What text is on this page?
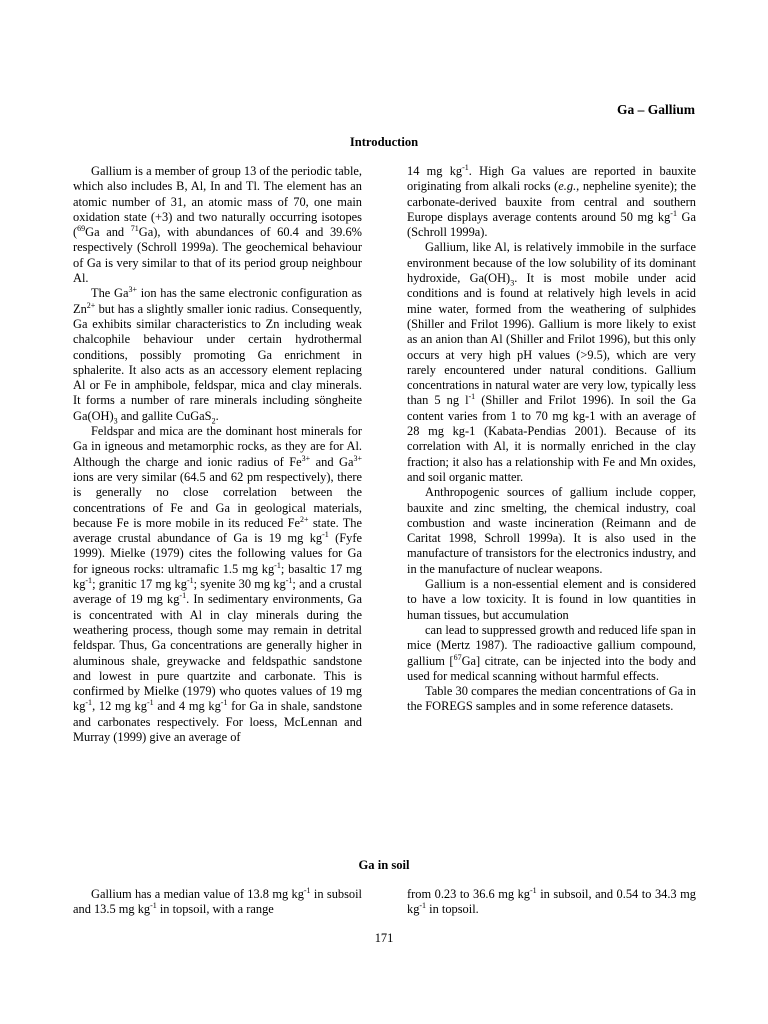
Ga – Gallium
Introduction

Gallium is a member of group 13 of the periodic table, which also includes B, Al, In and Tl. The element has an atomic number of 31, an atomic mass of 70, one main oxidation state (+3) and two naturally occurring isotopes ($^{69}$Ga and $^{71}$Ga), with abundances of 60.4 and 39.6% respectively (Schroll 1999a). The geochemical behaviour of Ga is very similar to that of its period group neighbour Al.

The $Ga^{3+}$ ion has the same electronic configuration as $Zn^{2+}$ but has a slightly smaller ionic radius. Consequently, Ga exhibits similar characteristics to Zn including weak chalcophile behaviour under certain hydrothermal conditions, possibly promoting Ga enrichment in sphalerite. It also acts as an accessory element replacing Al or Fe in amphibole, feldspar, mica and clay minerals. It forms a number of rare minerals including söngheite $Ga(OH)_3$ and gallite CuGaS$_2$.

Feldspar and mica are the dominant host minerals for Ga in igneous and metamorphic rocks, as they are for Al. Although the charge and ionic radius of $Fe^{3+}$ and $Ga^{3+}$ ions are very similar (64.5 and 62 pm respectively), there is generally no close correlation between the concentrations of Fe and Ga in geological materials, because Fe is more mobile in its reduced $Fe^{2+}$ state. The average crustal abundance of Ga is 19 mg $kg^{-1}$ (Fyfe 1999). Mielke (1979) cites the following values for Ga for igneous rocks: ultramafic 1.5 mg $kg^{-1}$; basaltic 17 mg $kg^{-1}$; granitic 17 mg $kg^{-1}$; syenite 30 mg $kg^{-1}$; and a crustal average of 19 mg $kg^{-1}$. In sedimentary environments, Ga is concentrated with Al in clay minerals during the weathering process, though some may remain in detrital feldspar. Thus, Ga concentrations are generally higher in aluminous shale, greywacke and feldspathic sandstone and lowest in pure quartzite and carbonate. This is confirmed by Mielke (1979) who quotes values of 19 mg $kg^{-1}$, 12 mg $kg^{-1}$ and 4 mg $kg^{-1}$ for Ga in shale, sandstone and carbonates respectively. For loess, McLennan and Murray (1999) give an average of

14 mg $kg^{-1}$. High Ga values are reported in bauxite originating from alkali rocks (e.g., nepheline syenite); the carbonate-derived bauxite from central and southern Europe displays average contents around 50 mg $kg^{-1}$ Ga (Schroll 1999a).

Gallium, like Al, is relatively immobile in the surface environment because of the low solubility of its dominant hydroxide, $Ga(OH)_3$. It is most mobile under acid conditions and is found at relatively high levels in acid mine water, formed from the weathering of sulphides (Shiller and Frilot 1996). Gallium is more likely to exist as an anion than Al (Shiller and Frilot 1996), but this only occurs at very high pH values (>9.5), which are very rarely encountered under natural conditions. Gallium concentrations in natural water are very low, typically less than 5 ng $l^{-1}$ (Shiller and Frilot 1996). In soil the Ga content varies from 1 to 70 mg kg-1 with an average of 28 mg kg-1 (Kabata-Pendias 2001). Because of its correlation with Al, it is normally enriched in the clay fraction; it also has a relationship with Fe and Mn oxides, and soil organic matter.

Anthropogenic sources of gallium include copper, bauxite and zinc smelting, the chemical industry, coal combustion and waste incineration (Reimann and de Caritat 1998, Schroll 1999a). It is also used in the manufacture of transistors for the electronics industry, and in the manufacture of nuclear weapons.

Gallium is a non-essential element and is considered to have a low toxicity. It is found in low quantities in human tissues, but accumulation

can lead to suppressed growth and reduced life span in mice (Mertz 1987). The radioactive gallium compound, gallium [$^{67}$Ga] citrate, can be injected into the body and used for medical scanning without harmful effects.

Table 30 compares the median concentrations of Ga in the FOREGS samples and in some reference datasets.

Ga in soil

Gallium has a median value of 13.8 mg $kg^{-1}$ in subsoil and 13.5 mg $kg^{-1}$ in topsoil, with a range

from 0.23 to 36.6 mg $kg^{-1}$ in subsoil, and 0.54 to 34.3 mg $kg^{-1}$ in topsoil.

171
